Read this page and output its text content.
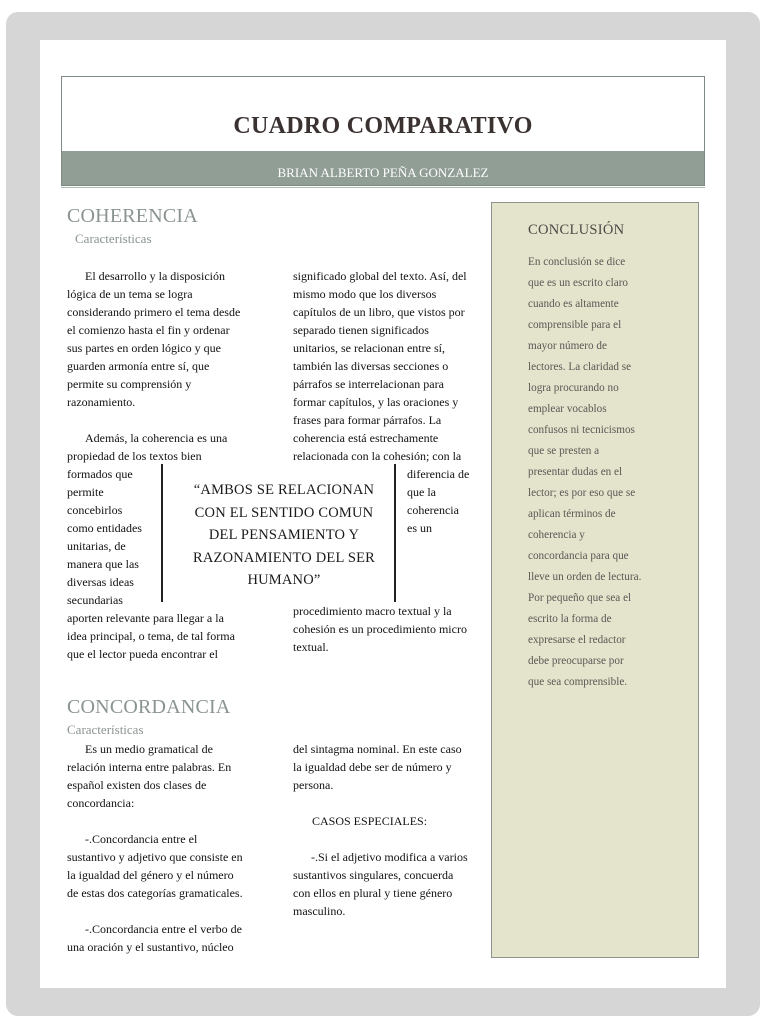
CUADRO COMPARATIVO
BRIAN ALBERTO PEÑA GONZALEZ
COHERENCIA
Características
El desarrollo y la disposición
lógica de un tema se logra
considerando primero el tema desde
el comienzo hasta el fin y ordenar
sus partes en orden lógico y que
guarden armonía entre sí, que
permite su comprensión y
razonamiento.
Además, la coherencia es una
propiedad de los textos bien
formados que
permite
concebirlos
como entidades
unitarias, de
manera que las
diversas ideas
secundarias
aporten relevante para llegar a la
idea principal, o tema, de tal forma
que el lector pueda encontrar el
significado global del texto. Así, del
mismo modo que los diversos
capítulos de un libro, que vistos por
separado tienen significados
unitarios, se relacionan entre sí,
también las diversas secciones o
párrafos se interrelacionan para
formar capítulos, y las oraciones y
frases para formar párrafos. La
coherencia está estrechamente
relacionada con la cohesión; con la
diferencia de
que la
coherencia
es un
procedimiento macro textual y la
cohesión es un procedimiento micro
textual.
“AMBOS SE RELACIONAN
CON EL SENTIDO COMUN
DEL PENSAMIENTO Y
RAZONAMIENTO DEL SER
HUMANO”
CONCORDANCIA
Características
Es un medio gramatical de
relación interna entre palabras. En
español existen dos clases de
concordancia:
-.Concordancia entre el
sustantivo y adjetivo que consiste en
la igualdad del género y el número
de estas dos categorías gramaticales.
-.Concordancia entre el verbo de
una oración y el sustantivo, núcleo
del sintagma nominal. En este caso
la igualdad debe ser de número y
persona.
CASOS ESPECIALES:
-.Si el adjetivo modifica a varios
sustantivos singulares, concuerda
con ellos en plural y tiene género
masculino.
CONCLUSIÓN
En conclusión se dice
que es un escrito claro
cuando es altamente
comprensible para el
mayor número de
lectores. La claridad se
logra procurando no
emplear vocablos
confusos ni tecnicismos
que se presten a
presentar dudas en el
lector; es por eso que se
aplican términos de
coherencia y
concordancia para que
lleve un orden de lectura.
Por pequeño que sea el
escrito la forma de
expresarse el redactor
debe preocuparse por
que sea comprensible.
